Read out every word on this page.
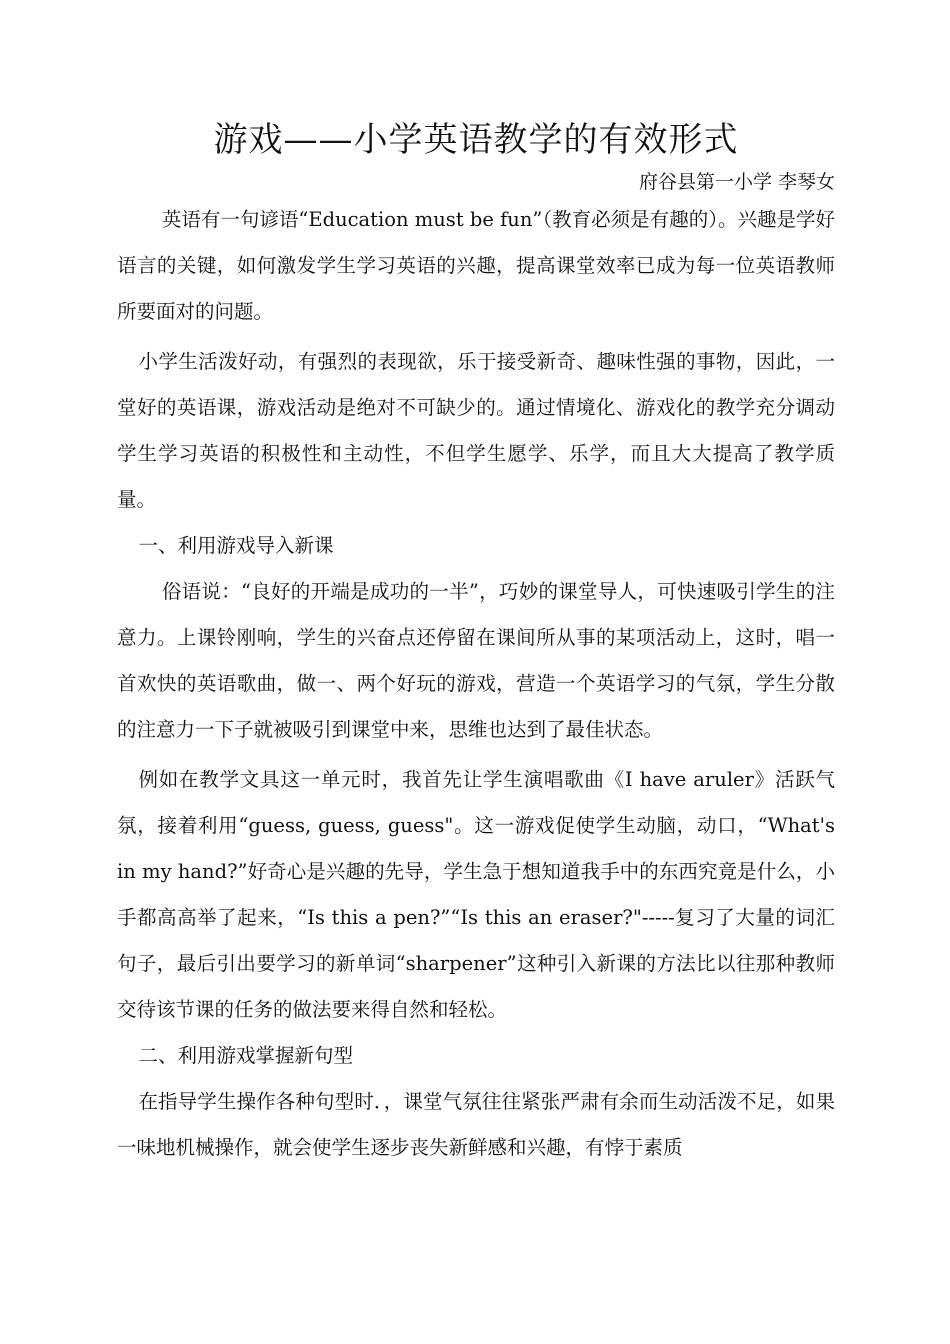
游戏——小学英语教学的有效形式

府谷县第一小学 李琴女

英语有一句谚语“Education must be fun”（教育必须是有趣的）。兴趣是学好语言的关键，如何激发学生学习英语的兴趣，提高课堂效率已成为每一位英语教师所要面对的问题。

小学生活泼好动，有强烈的表现欲，乐于接受新奇、趣味性强的事物，因此，一堂好的英语课，游戏活动是绝对不可缺少的。通过情境化、游戏化的教学充分调动学生学习英语的积极性和主动性，不但学生愿学、乐学，而且大大提高了教学质量。

一、利用游戏导入新课

俗语说：“良好的开端是成功的一半”，巧妙的课堂导人，可快速吸引学生的注意力。上课铃刚响，学生的兴奋点还停留在课间所从事的某项活动上，这时，唱一首欢快的英语歌曲，做一、两个好玩的游戏，营造一个英语学习的气氛，学生分散的注意力一下子就被吸引到课堂中来，思维也达到了最佳状态。

例如在教学文具这一单元时，我首先让学生演唱歌曲《I have aruler》活跃气氛，接着利用“guess, guess, guess"。这一游戏促使学生动脑，动口，“What's in my hand?”好奇心是兴趣的先导，学生急于想知道我手中的东西究竟是什么，小手都高高举了起来，“Is this a pen?”“Is this an eraser?"-----复习了大量的词汇句子，最后引出要学习的新单词“sharpener”这种引入新课的方法比以往那种教师交待该节课的任务的做法要来得自然和轻松。

二、利用游戏掌握新句型

在指导学生操作各种句型时．，课堂气氛往往紧张严肃有余而生动活泼不足，如果一味地机械操作，就会使学生逐步丧失新鲜感和兴趣，有悖于素质
